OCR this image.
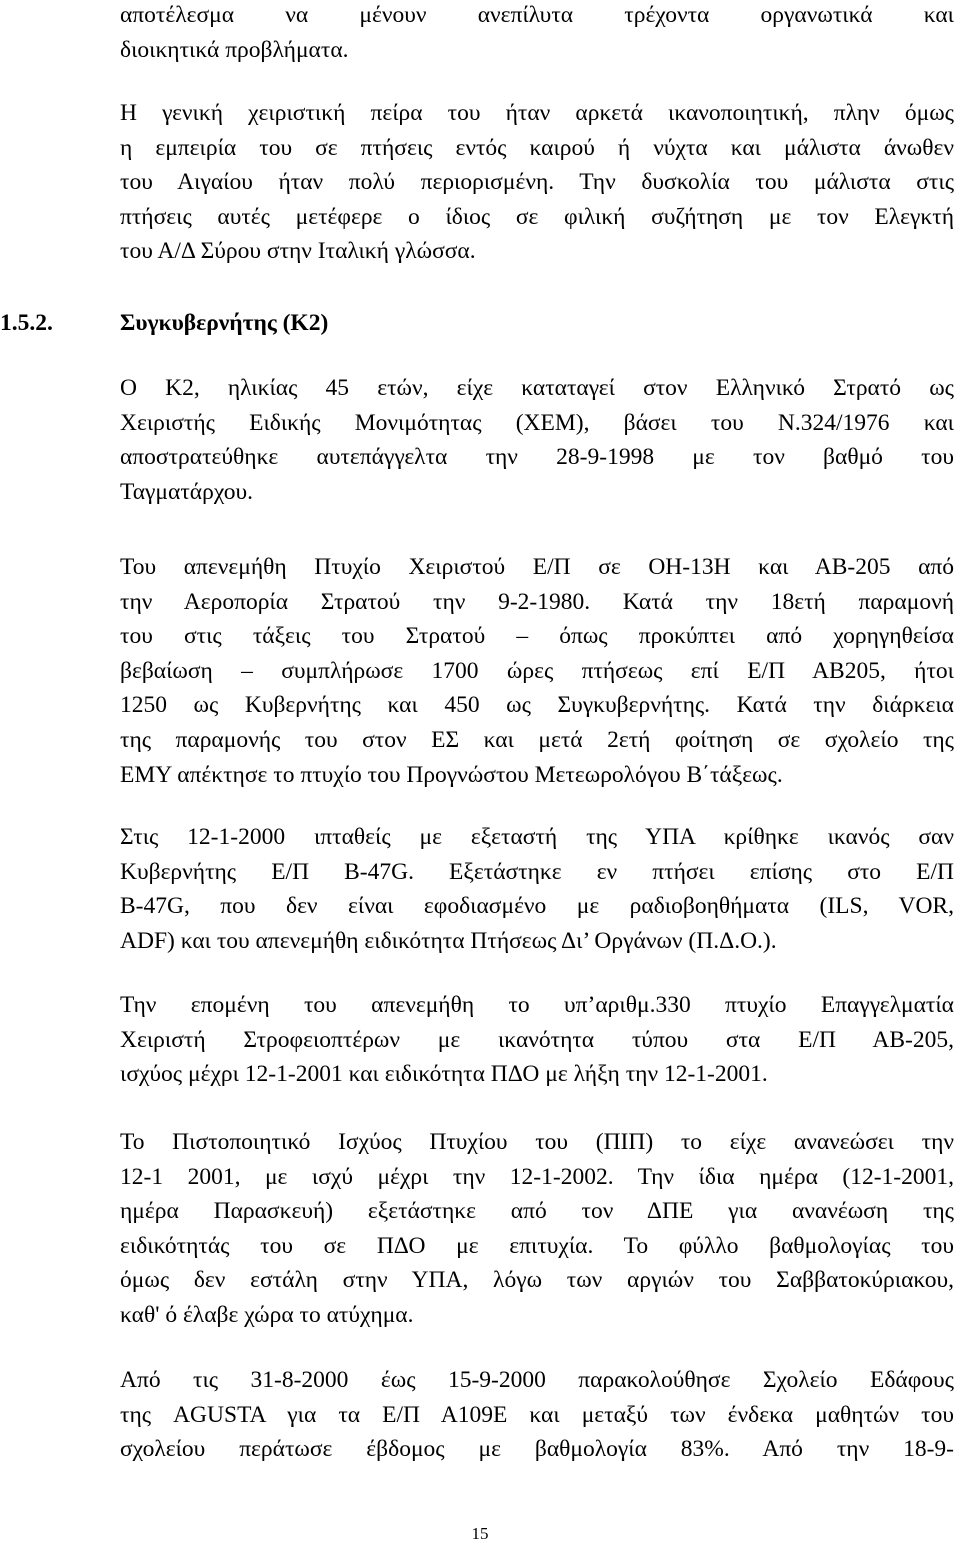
αποτέλεσμα να μένουν ανεπίλυτα τρέχοντα οργανωτικά και
διοικητικά προβλήματα.
Η γενική χειριστική πείρα του ήταν αρκετά ικανοποιητική, πλην όμως
η εμπειρία του σε πτήσεις εντός καιρού ή νύχτα και μάλιστα άνωθεν
του Αιγαίου ήταν πολύ περιορισμένη. Την δυσκολία του μάλιστα στις
πτήσεις αυτές μετέφερε ο ίδιος σε φιλική συζήτηση με τον Ελεγκτή
του Α/Δ Σύρου στην Ιταλική γλώσσα.
1.5.2.	Συγκυβερνήτης (Κ2)
Ο Κ2, ηλικίας 45 ετών, είχε καταταγεί στον Ελληνικό Στρατό ως
Χειριστής Ειδικής Μονιμότητας (ΧΕΜ), βάσει του Ν.324/1976 και
αποστρατεύθηκε αυτεπάγγελτα την 28-9-1998 με τον βαθμό του
Ταγματάρχου.
Του απενεμήθη Πτυχίο Χειριστού Ε/Π σε ΟΗ-13Η και ΑΒ-205 από
την Αεροπορία Στρατού την 9-2-1980. Κατά την 18ετή παραμονή
του στις τάξεις του Στρατού – όπως προκύπτει από χορηγηθείσα
βεβαίωση – συμπλήρωσε 1700 ώρες πτήσεως επί Ε/Π ΑΒ205, ήτοι
1250 ως Κυβερνήτης και 450 ως Συγκυβερνήτης. Κατά την διάρκεια
της παραμονής του στον ΕΣ και μετά 2ετή φοίτηση σε σχολείο της
ΕΜΥ απέκτησε το πτυχίο του Προγνώστου Μετεωρολόγου Β΄τάξεως.
Στις 12-1-2000 ιπταθείς με εξεταστή της ΥΠΑ κρίθηκε ικανός σαν
Κυβερνήτης Ε/Π Β-47G. Εξετάστηκε εν πτήσει επίσης στο Ε/Π
Β-47G, που δεν είναι εφοδιασμένο με ραδιοβοηθήματα (ILS, VOR,
ADF) και του απενεμήθη ειδικότητα Πτήσεως Δι’ Οργάνων (Π.Δ.Ο.).
Την επομένη του απενεμήθη το υπ’αριθμ.330 πτυχίο Επαγγελματία
Χειριστή Στροφειοπτέρων με ικανότητα τύπου στα Ε/Π ΑΒ-205,
ισχύος μέχρι 12-1-2001 και ειδικότητα ΠΔΟ με λήξη την 12-1-2001.
Το Πιστοποιητικό Ισχύος Πτυχίου του (ΠΙΠ) το είχε ανανεώσει την
12-1 2001, με ισχύ μέχρι την 12-1-2002. Την ίδια ημέρα (12-1-2001,
ημέρα Παρασκευή) εξετάστηκε από τον ΔΠΕ για ανανέωση της
ειδικότητάς του σε ΠΔΟ με επιτυχία. Το φύλλο βαθμολογίας του
όμως δεν εστάλη στην ΥΠΑ, λόγω των αργιών του Σαββατοκύριακου,
καθ' ό έλαβε χώρα το ατύχημα.
Από τις 31-8-2000 έως 15-9-2000 παρακολούθησε Σχολείο Εδάφους
της AGUSTA για τα Ε/Π Α109Ε και μεταξύ των ένδεκα μαθητών του
σχολείου περάτωσε έβδομος με βαθμολογία 83%. Από την 18-9-
15
